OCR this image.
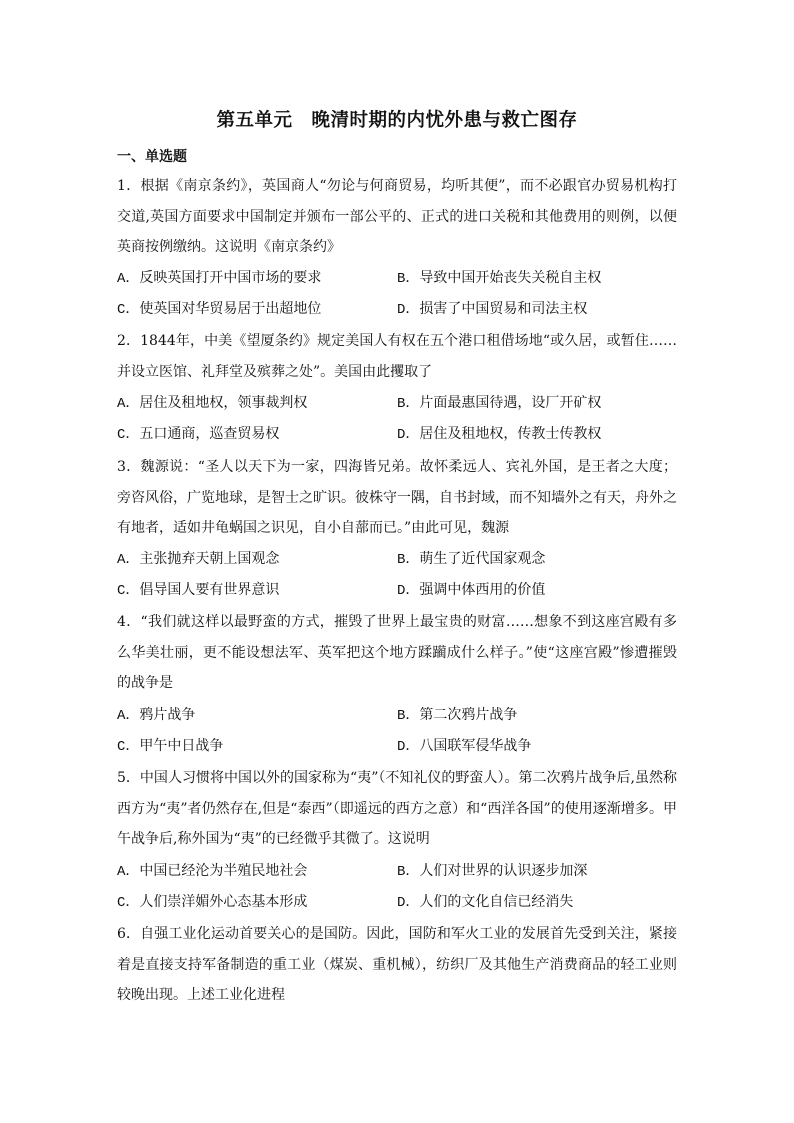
第五单元　晚清时期的内忧外患与救亡图存
一、单选题
1．根据《南京条约》，英国商人“勿论与何商贸易，均听其便”，而不必跟官办贸易机构打交道,英国方面要求中国制定并颁布一部公平的、正式的进口关税和其他费用的则例，以便英商按例缴纳。这说明《南京条约》
A．反映英国打开中国市场的要求	B．导致中国开始丧失关税自主权
C．使英国对华贸易居于出超地位	D．损害了中国贸易和司法主权
2．1844年，中美《望厦条约》规定美国人有权在五个港口租借场地“或久居，或暂住……并设立医馆、礼拜堂及殡葬之处”。美国由此攫取了
A．居住及租地权，领事裁判权	B．片面最惠国待遇，设厂开矿权
C．五口通商，巡查贸易权	D．居住及租地权，传教士传教权
3．魏源说：“圣人以天下为一家，四海皆兄弟。故怀柔远人、宾礼外国，是王者之大度；旁咨风俗，广览地球，是智士之旷识。彼株守一隅，自书封域，而不知墙外之有天，舟外之有地者，适如井龟蜗国之识见，自小自蔀而已。”由此可见，魏源
A．主张抛弃天朝上国观念	B．萌生了近代国家观念
C．倡导国人要有世界意识	D．强调中体西用的价值
4．“我们就这样以最野蛮的方式，摧毁了世界上最宝贵的财富……想象不到这座宫殿有多么华美壮丽，更不能设想法军、英军把这个地方蹂躏成什么样子。”使“这座宫殿”惨遭摧毁的战争是
A．鸦片战争	B．第二次鸦片战争
C．甲午中日战争	D．八国联军侵华战争
5．中国人习惯将中国以外的国家称为“夷”（不知礼仪的野蛮人）。第二次鸦片战争后,虽然称西方为“夷”者仍然存在,但是“泰西”（即遥远的西方之意）和“西洋各国”的使用逐渐增多。甲午战争后,称外国为“夷”的已经微乎其微了。这说明
A．中国已经沦为半殖民地社会	B．人们对世界的认识逐步加深
C．人们崇洋媚外心态基本形成	D．人们的文化自信已经消失
6．自强工业化运动首要关心的是国防。因此，国防和军火工业的发展首先受到关注，紧接着是直接支持军备制造的重工业（煤炭、重机械），纺织厂及其他生产消费商品的轻工业则较晚出现。上述工业化进程
